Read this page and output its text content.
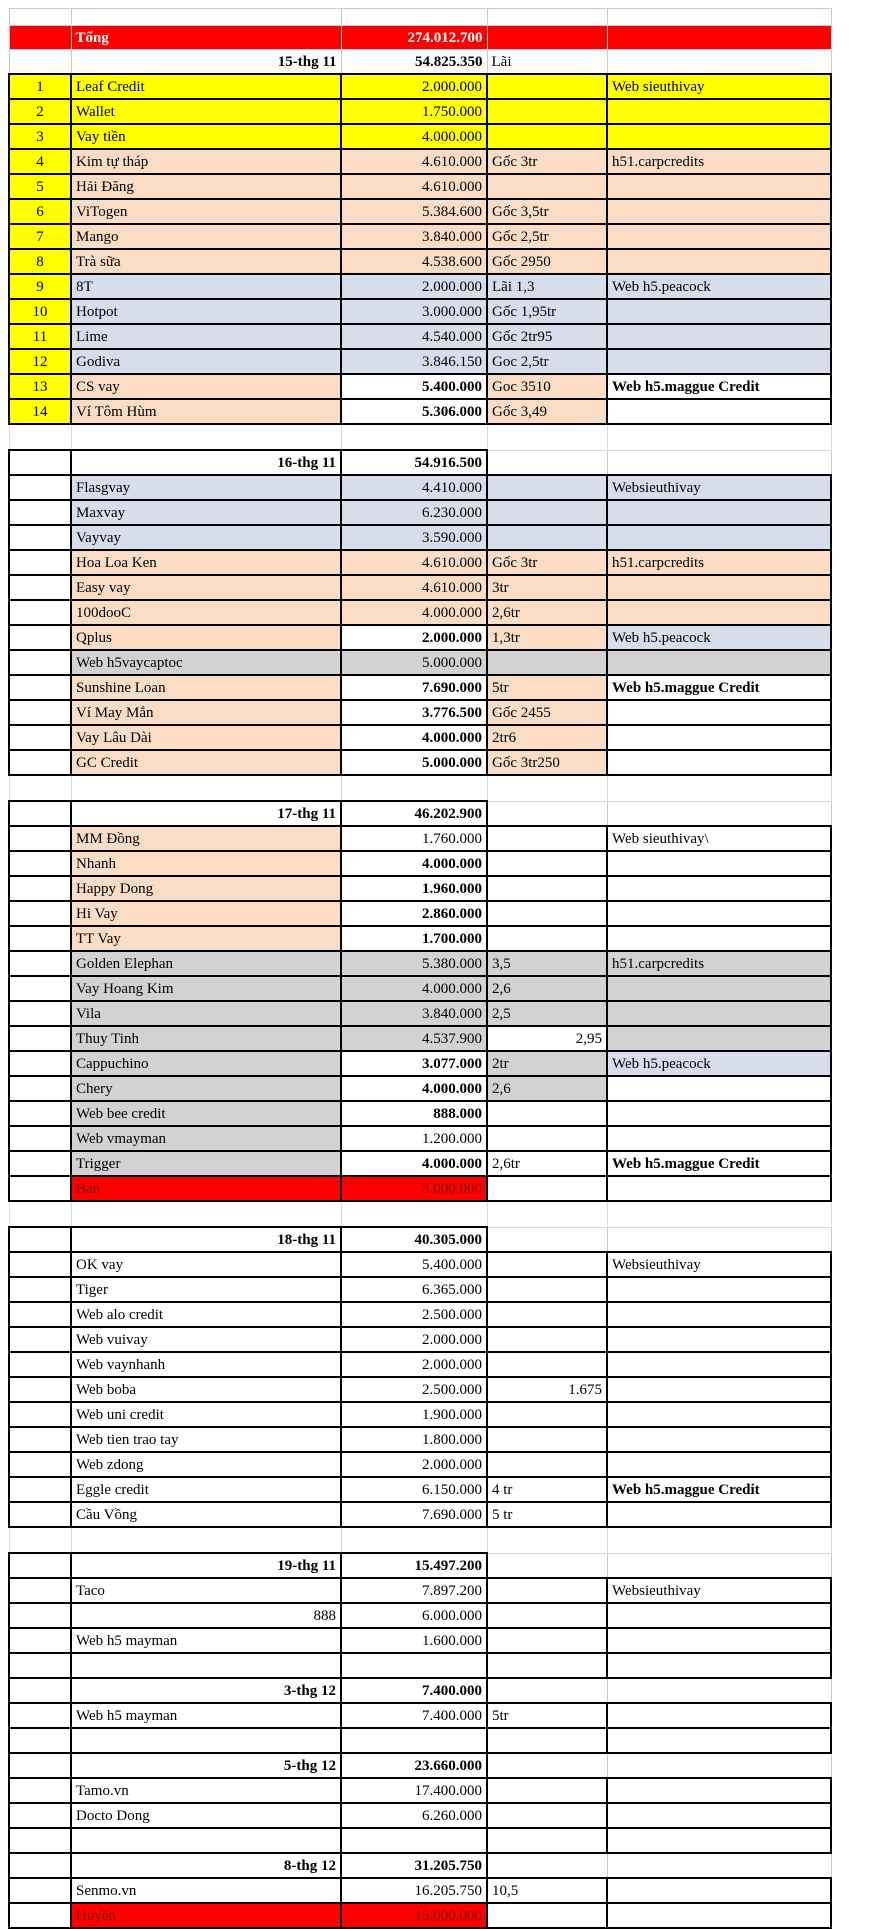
	Tổng	274.012.700		
	15-thg 11	54.825.350	Lãi	
1	Leaf Credit	2.000.000		Web sieuthivay
2	Wallet	1.750.000		
3	Vay tiền	4.000.000		
4	Kim tự tháp	4.610.000	Gốc 3tr	h51.carpcredits
5	Hải Đăng	4.610.000		
6	ViTogen	5.384.600	Gốc 3,5tr	
7	Mango	3.840.000	Gốc 2,5tr	
8	Trà sữa	4.538.600	Gốc 2950	
9	8T	2.000.000	Lãi 1,3	Web h5.peacock
10	Hotpot	3.000.000	Gốc 1,95tr	
11	Lime	4.540.000	Gốc 2tr95	
12	Godiva	3.846.150	Goc 2,5tr	
13	CS vay	5.400.000	Goc 3510	Web h5.maggue Credit
14	Ví Tôm Hùm	5.306.000	Gốc 3,49	

	16-thg 11	54.916.500		
	Flasgvay	4.410.000		Websieuthivay
	Maxvay	6.230.000		
	Vayvay	3.590.000		
	Hoa Loa Ken	4.610.000	Gốc 3tr	h51.carpcredits
	Easy vay	4.610.000	3tr	
	100dooC	4.000.000	2,6tr	
	Qplus	2.000.000	1,3tr	Web h5.peacock
	Web h5vaycaptoc	5.000.000		
	Sunshine Loan	7.690.000	5tr	Web h5.maggue Credit
	Ví May Mắn	3.776.500	Gốc 2455	
	Vay Lâu Dài	4.000.000	2tr6	
	GC Credit	5.000.000	Gốc 3tr250	

	17-thg 11	46.202.900		
	MM Đồng	1.760.000		Web sieuthivay\
	Nhanh	4.000.000		
	Happy Dong	1.960.000		
	Hi Vay	2.860.000		
	TT Vay	1.700.000		
	Golden Elephan	5.380.000	3,5	h51.carpcredits
	Vay Hoang Kim	4.000.000	2,6	
	Vila	3.840.000	2,5	
	Thuy Tinh	4.537.900	2,95	
	Cappuchino	3.077.000	2tr	Web h5.peacock
	Chery	4.000.000	2,6	
	Web bee credit	888.000		
	Web vmayman	1.200.000		
	Trigger	4.000.000	2,6tr	Web h5.maggue Credit
	Ban	3.000.000		

	18-thg 11	40.305.000		
	OK vay	5.400.000		Websieuthivay
	Tiger	6.365.000		
	Web alo credit	2.500.000		
	Web vuivay	2.000.000		
	Web vaynhanh	2.000.000		
	Web boba	2.500.000	1.675	
	Web uni credit	1.900.000		
	Web tien trao tay	1.800.000		
	Web zdong	2.000.000		
	Eggle credit	6.150.000	4 tr	Web h5.maggue Credit
	Cầu Vồng	7.690.000	5 tr	

	19-thg 11	15.497.200		
	Taco	7.897.200		Websieuthivay
	888	6.000.000		
	Web h5 mayman	1.600.000		

	3-thg 12	7.400.000		
	Web h5 mayman	7.400.000	5tr	

	5-thg 12	23.660.000		
	Tamo.vn	17.400.000		
	Docto Dong	6.260.000		

	8-thg 12	31.205.750		
	Senmo.vn	16.205.750	10,5	
	Huyền	15.000.000		
